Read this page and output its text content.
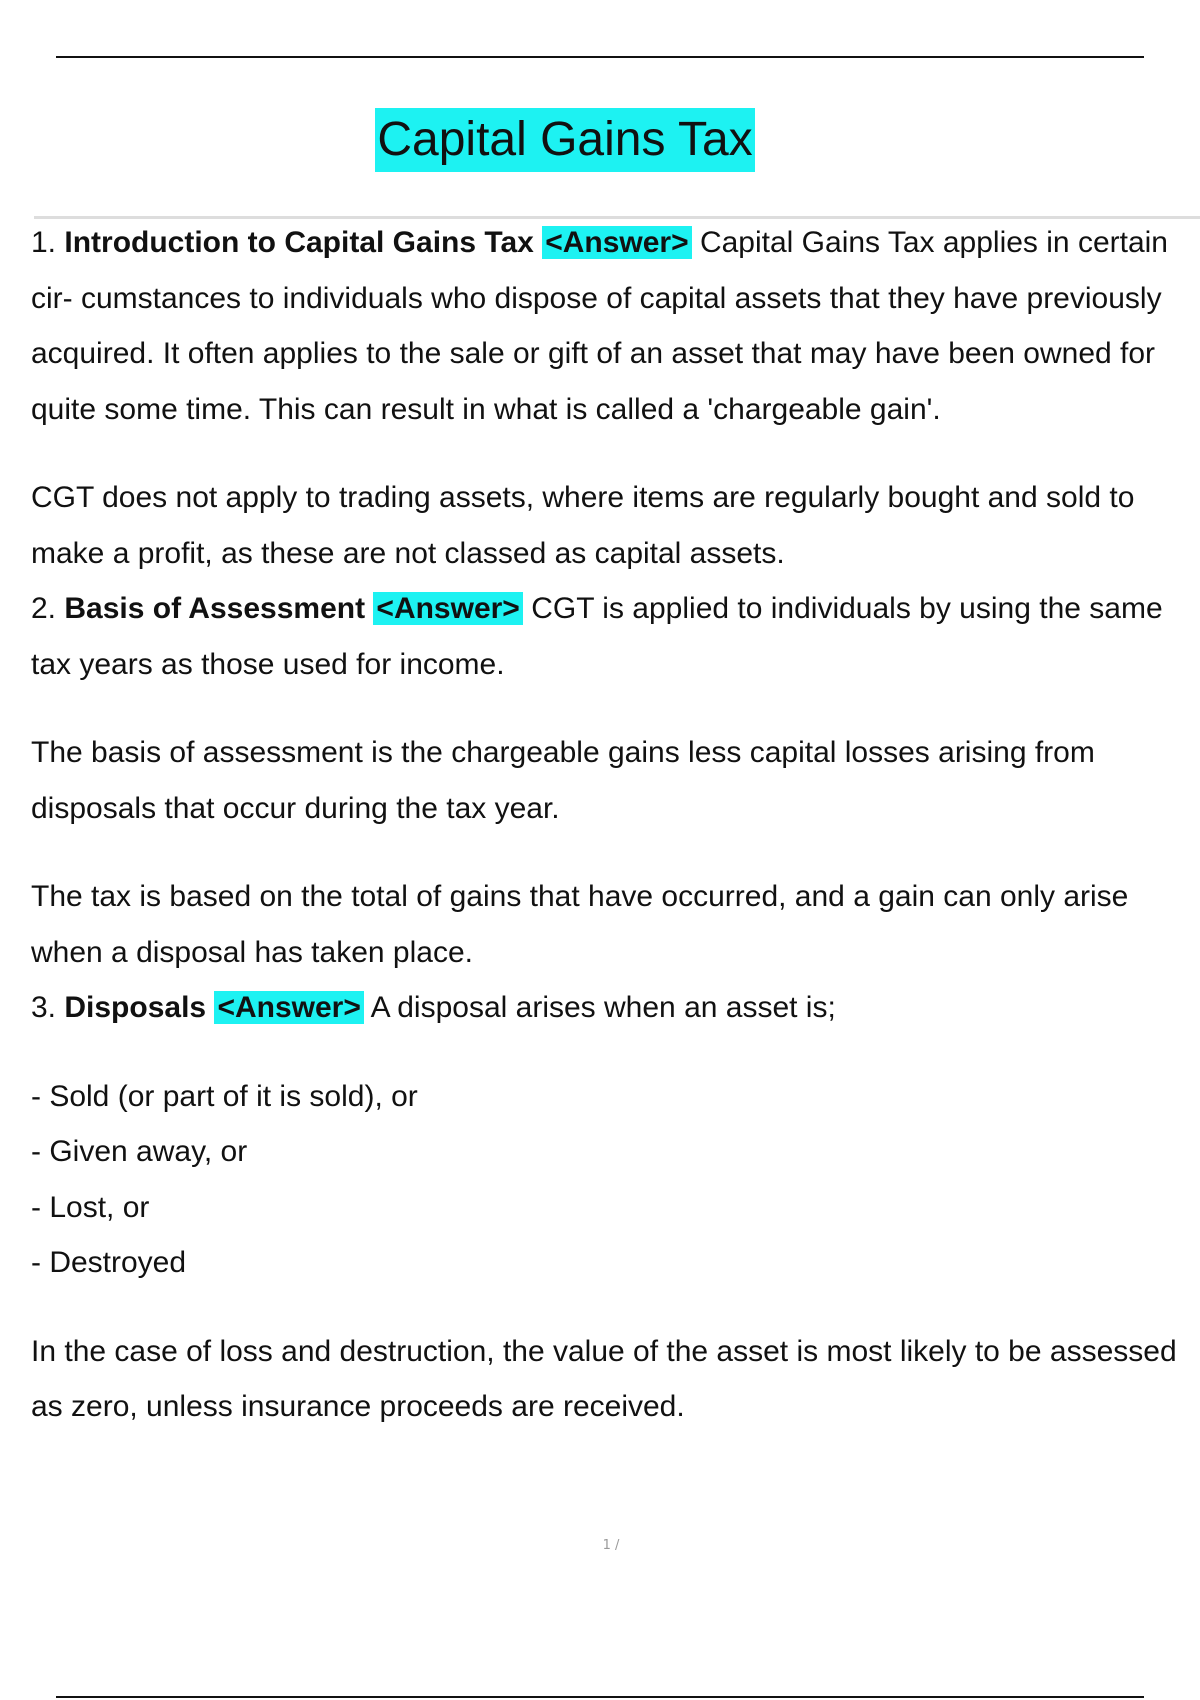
Capital Gains Tax

1. Introduction to Capital Gains Tax <Answer> Capital Gains Tax applies in certain cir- cumstances to individuals who dispose of capital assets that they have previously acquired. It often applies to the sale or gift of an asset that may have been owned for quite some time. This can result in what is called a 'chargeable gain'.

CGT does not apply to trading assets, where items are regularly bought and sold to make a profit, as these are not classed as capital assets.

2. Basis of Assessment <Answer> CGT is applied to individuals by using the same tax years as those used for income.

The basis of assessment is the chargeable gains less capital losses arising from disposals that occur during the tax year.

The tax is based on the total of gains that have occurred, and a gain can only arise when a disposal has taken place.

3. Disposals <Answer> A disposal arises when an asset is;

- Sold (or part of it is sold), or

- Given away, or

- Lost, or

- Destroyed

In the case of loss and destruction, the value of the asset is most likely to be assessed as zero, unless insurance proceeds are received.

1 /
